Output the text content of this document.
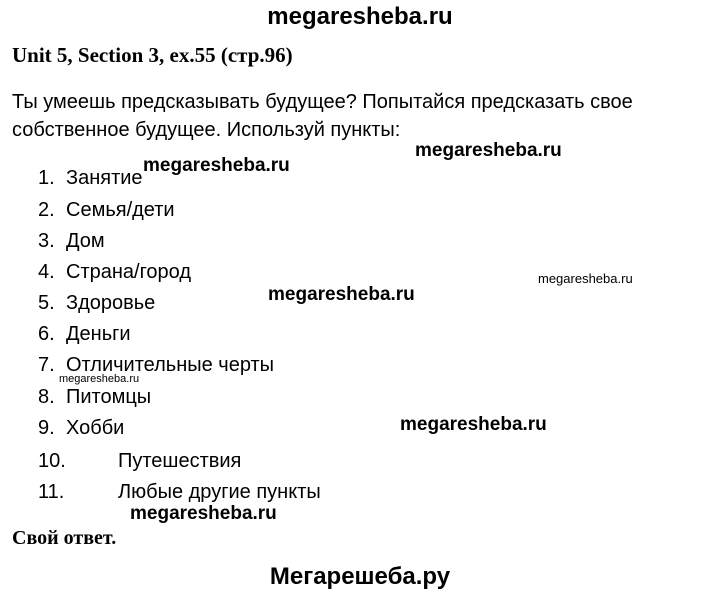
megaresheba.ru
Unit 5, Section 3, ex.55 (стр.96)
Ты умеешь предсказывать будущее? Попытайся предсказать свое
собственное будущее. Используй пункты:
1. Занятие
2. Семья/дети
3. Дом
4. Страна/город
5. Здоровье
6. Деньги
7. Отличительные черты
8. Питомцы
9. Хобби
10.	Путешествия
11.	Любые другие пункты
Свой ответ.
megaresheba.ru
megaresheba.ru
megaresheba.ru
megaresheba.ru
megaresheba.ru
megaresheba.ru
megaresheba.ru
Мегарешеба.ру
